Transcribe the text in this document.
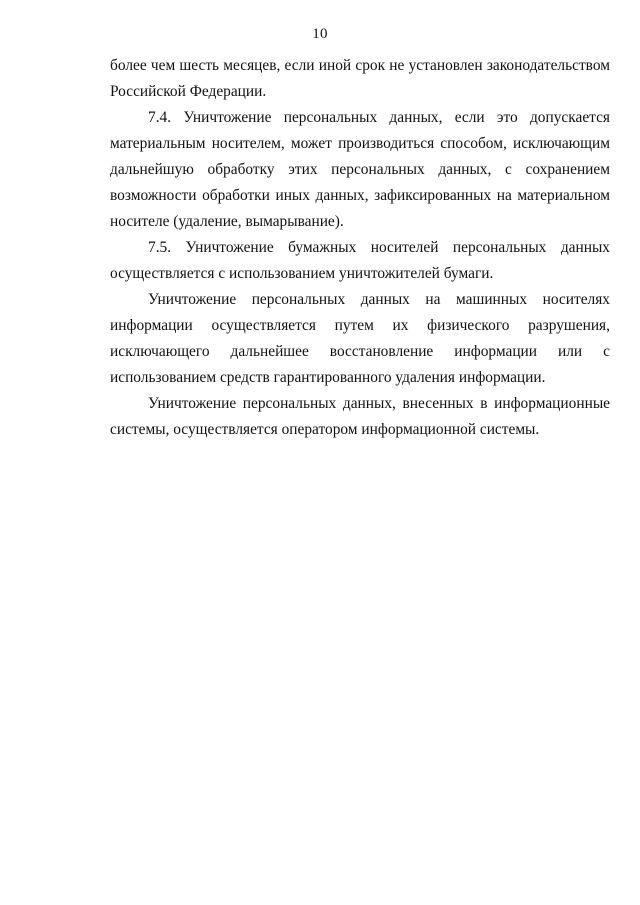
10

более чем шесть месяцев, если иной срок не установлен законодательством Российской Федерации.

7.4. Уничтожение персональных данных, если это допускается материальным носителем, может производиться способом, исключающим дальнейшую обработку этих персональных данных, с сохранением возможности обработки иных данных, зафиксированных на материальном носителе (удаление, вымарывание).

7.5. Уничтожение бумажных носителей персональных данных осуществляется с использованием уничтожителей бумаги.

Уничтожение персональных данных на машинных носителях информации осуществляется путем их физического разрушения, исключающего дальнейшее восстановление информации или с использованием средств гарантированного удаления информации.

Уничтожение персональных данных, внесенных в информационные системы, осуществляется оператором информационной системы.
